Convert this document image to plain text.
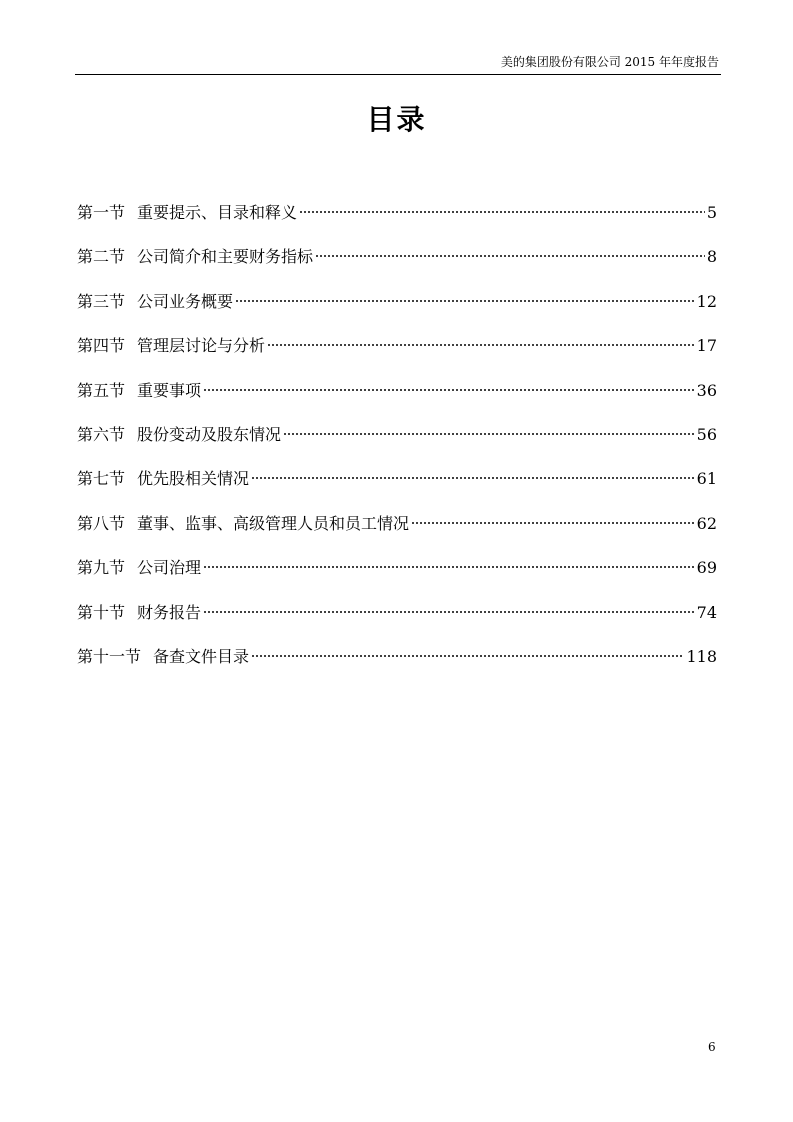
美的集团股份有限公司 2015 年年度报告
目录
第一节 重要提示、目录和释义	5
第二节 公司简介和主要财务指标	8
第三节 公司业务概要	12
第四节 管理层讨论与分析	17
第五节 重要事项	36
第六节 股份变动及股东情况	56
第七节 优先股相关情况	61
第八节 董事、监事、高级管理人员和员工情况	62
第九节 公司治理	69
第十节 财务报告	74
第十一节 备查文件目录	118
6
